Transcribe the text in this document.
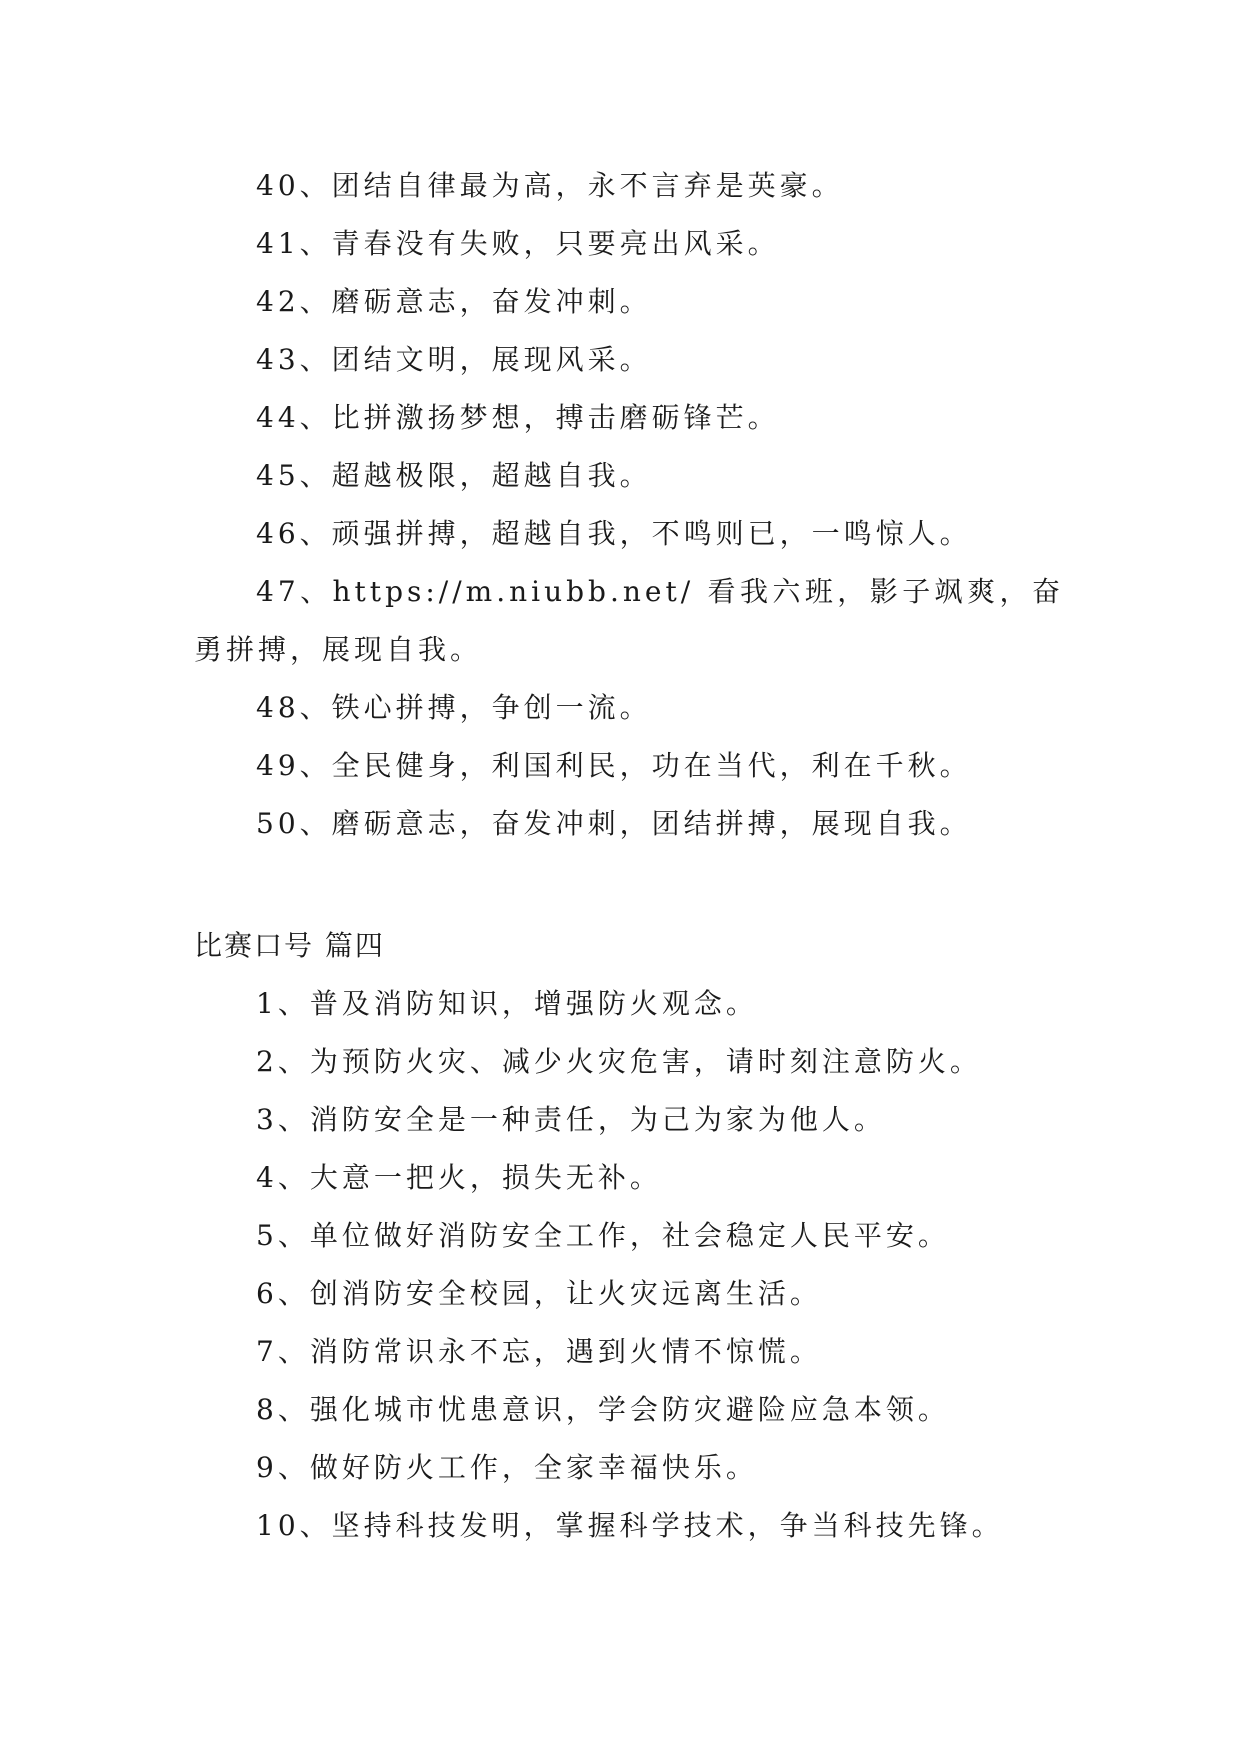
40、团结自律最为高，永不言弃是英豪。
41、青春没有失败，只要亮出风采。
42、磨砺意志，奋发冲刺。
43、团结文明，展现风采。
44、比拼激扬梦想，搏击磨砺锋芒。
45、超越极限，超越自我。
46、顽强拼搏，超越自我，不鸣则已，一鸣惊人。
47、https://m.niubb.net/ 看我六班，影子飒爽，奋勇拼搏，展现自我。
48、铁心拼搏，争创一流。
49、全民健身，利国利民，功在当代，利在千秋。
50、磨砺意志，奋发冲刺，团结拼搏，展现自我。
比赛口号 篇四
1、普及消防知识，增强防火观念。
2、为预防火灾、减少火灾危害，请时刻注意防火。
3、消防安全是一种责任，为己为家为他人。
4、大意一把火，损失无补。
5、单位做好消防安全工作，社会稳定人民平安。
6、创消防安全校园，让火灾远离生活。
7、消防常识永不忘，遇到火情不惊慌。
8、强化城市忧患意识，学会防灾避险应急本领。
9、做好防火工作，全家幸福快乐。
10、坚持科技发明，掌握科学技术，争当科技先锋。
